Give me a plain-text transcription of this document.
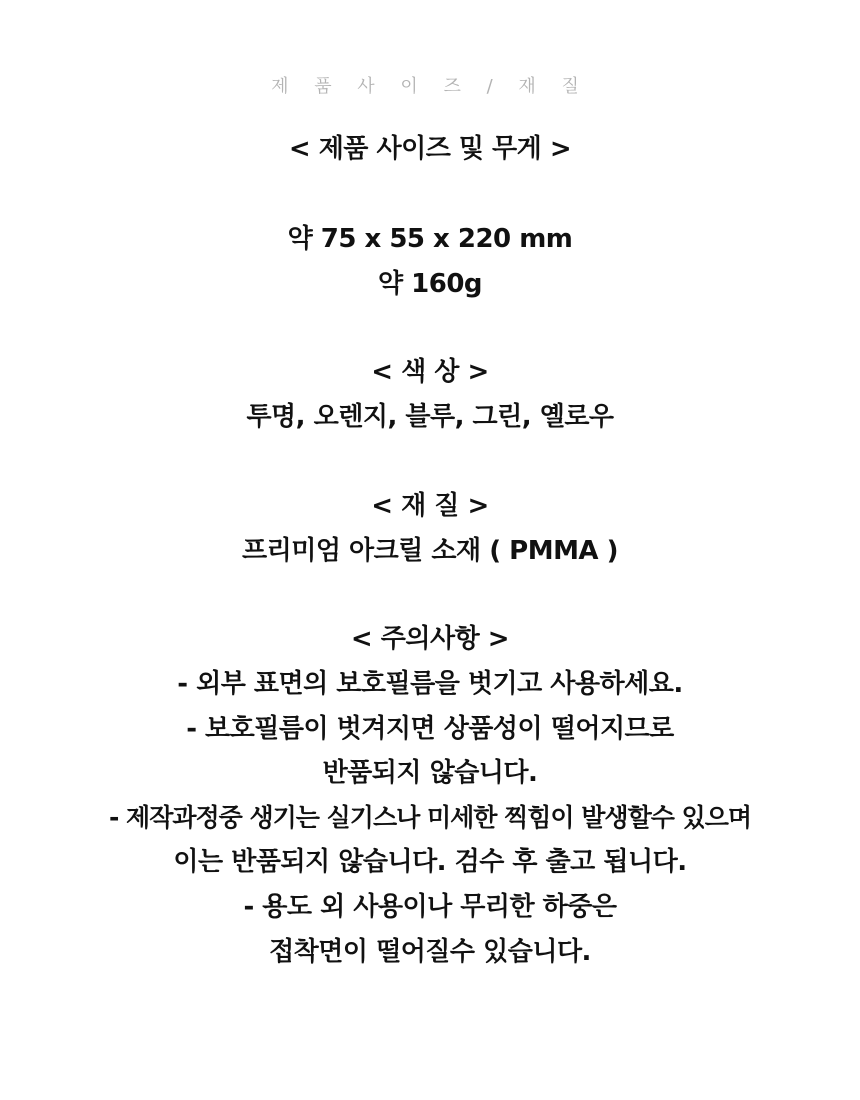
제 품 사 이 즈 / 재 질
< 제품 사이즈 및 무게 >
약 75 x 55 x 220 mm
약 160g
< 색 상 >
투명, 오렌지, 블루, 그린, 옐로우
< 재 질 >
프리미엄 아크릴 소재 ( PMMA )
< 주의사항 >
- 외부 표면의 보호필름을 벗기고 사용하세요.
- 보호필름이 벗겨지면 상품성이 떨어지므로
반품되지 않습니다.
- 제작과정중 생기는 실기스나 미세한 찍힘이 발생할수 있으며
이는 반품되지 않습니다. 검수 후 출고 됩니다.
- 용도 외 사용이나 무리한 하중은
접착면이 떨어질수 있습니다.
